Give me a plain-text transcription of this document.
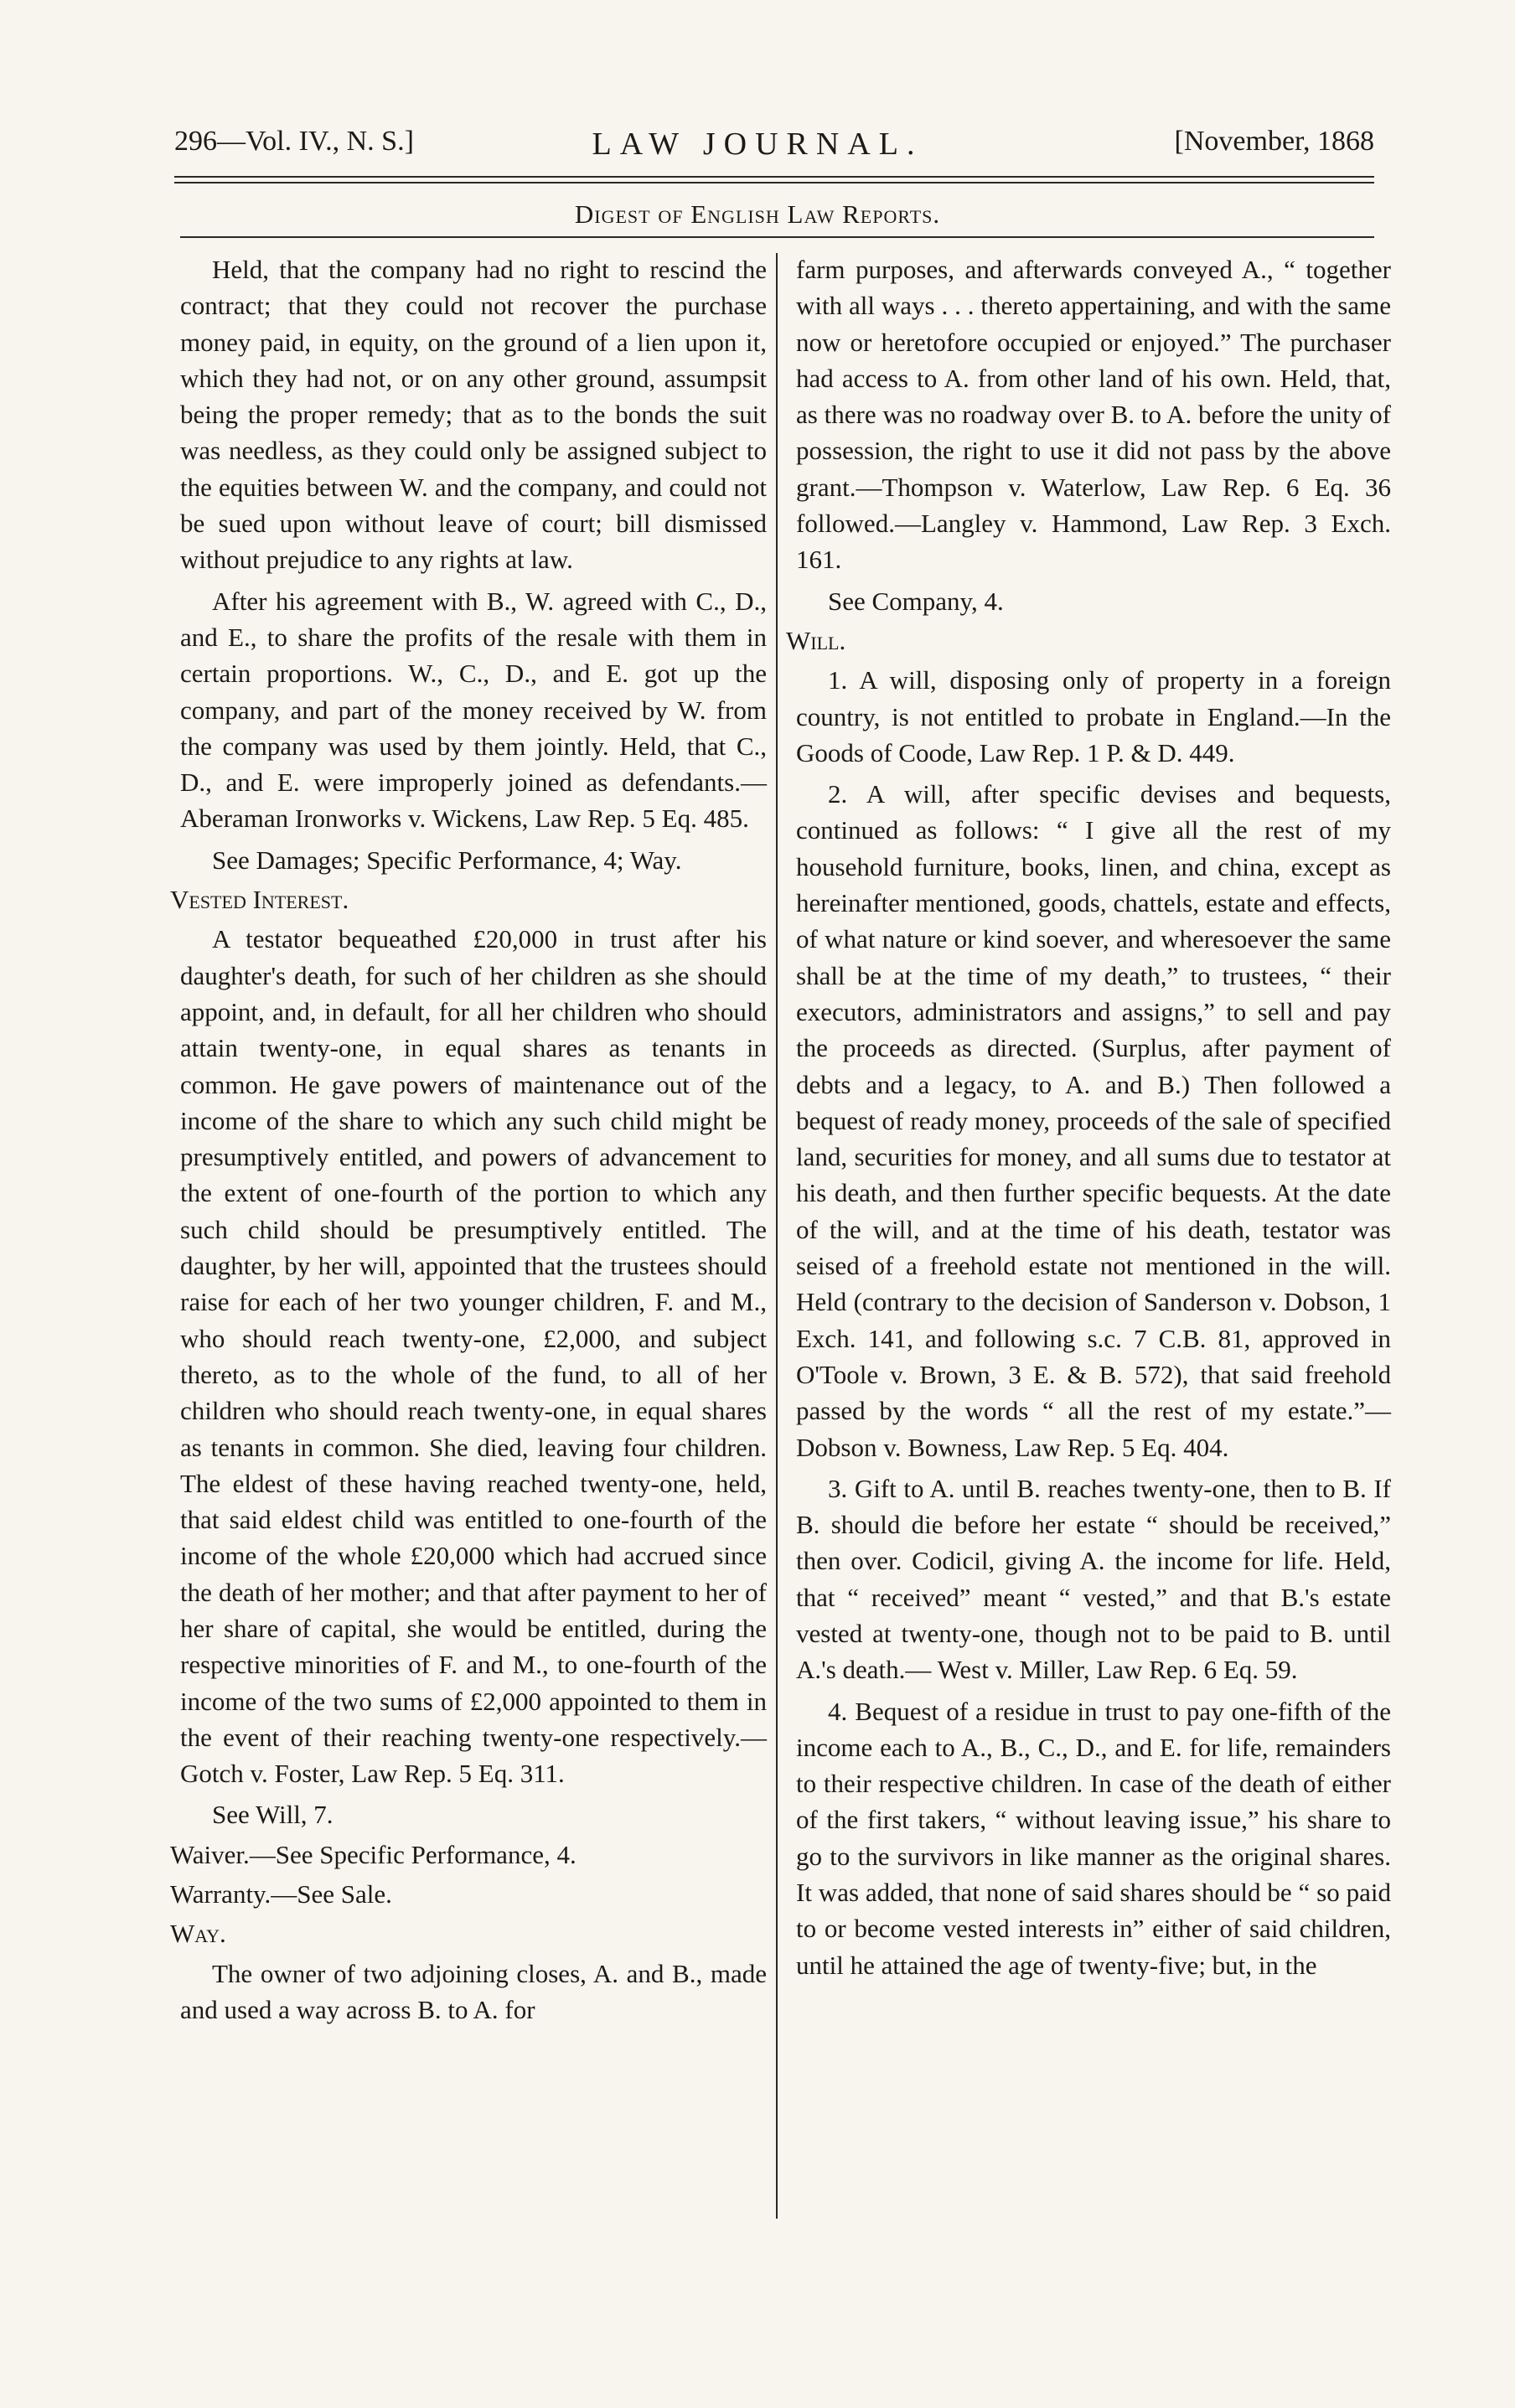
296—Vol. IV., N. S.]	LAW JOURNAL.	[November, 1868
Digest of English Law Reports.

Held, that the company had no right to rescind the contract; that they could not recover the purchase money paid, in equity, on the ground of a lien upon it, which they had not, or on any other ground, assumpsit being the proper remedy; that as to the bonds the suit was needless, as they could only be assigned subject to the equities between W. and the company, and could not be sued upon without leave of court; bill dismissed without prejudice to any rights at law.

After his agreement with B., W. agreed with C., D., and E., to share the profits of the resale with them in certain proportions. W., C., D., and E. got up the company, and part of the money received by W. from the company was used by them jointly. Held, that C., D., and E. were improperly joined as defendants.—Aberaman Ironworks v. Wickens, Law Rep. 5 Eq. 485.

See Damages; Specific Performance, 4; Way.

Vested Interest.

A testator bequeathed £20,000 in trust after his daughter's death, for such of her children as she should appoint, and, in default, for all her children who should attain twenty-one, in equal shares as tenants in common. He gave powers of maintenance out of the income of the share to which any such child might be presumptively entitled, and powers of advancement to the extent of one-fourth of the portion to which any such child should be presumptively entitled. The daughter, by her will, appointed that the trustees should raise for each of her two younger children, F. and M., who should reach twenty-one, £2,000, and subject thereto, as to the whole of the fund, to all of her children who should reach twenty-one, in equal shares as tenants in common. She died, leaving four children. The eldest of these having reached twenty-one, held, that said eldest child was entitled to one-fourth of the income of the whole £20,000 which had accrued since the death of her mother; and that after payment to her of her share of capital, she would be entitled, during the respective minorities of F. and M., to one-fourth of the income of the two sums of £2,000 appointed to them in the event of their reaching twenty-one respectively.—Gotch v. Foster, Law Rep. 5 Eq. 311.

See Will, 7.

Waiver.—See Specific Performance, 4.

Warranty.—See Sale.

Way.

The owner of two adjoining closes, A. and B., made and used a way across B. to A. for

farm purposes, and afterwards conveyed A., “ together with all ways . . . thereto appertaining, and with the same now or heretofore occupied or enjoyed.” The purchaser had access to A. from other land of his own. Held, that, as there was no roadway over B. to A. before the unity of possession, the right to use it did not pass by the above grant.—Thompson v. Waterlow, Law Rep. 6 Eq. 36 followed.—Langley v. Hammond, Law Rep. 3 Exch. 161.

See Company, 4.

Will.

1. A will, disposing only of property in a foreign country, is not entitled to probate in England.—In the Goods of Coode, Law Rep. 1 P. & D. 449.

2. A will, after specific devises and bequests, continued as follows: “ I give all the rest of my household furniture, books, linen, and china, except as hereinafter mentioned, goods, chattels, estate and effects, of what nature or kind soever, and wheresoever the same shall be at the time of my death,” to trustees, “ their executors, administrators and assigns,” to sell and pay the proceeds as directed. (Surplus, after payment of debts and a legacy, to A. and B.) Then followed a bequest of ready money, proceeds of the sale of specified land, securities for money, and all sums due to testator at his death, and then further specific bequests. At the date of the will, and at the time of his death, testator was seised of a freehold estate not mentioned in the will. Held (contrary to the decision of Sanderson v. Dobson, 1 Exch. 141, and following s.c. 7 C.B. 81, approved in O'Toole v. Brown, 3 E. & B. 572), that said freehold passed by the words “ all the rest of my estate.”—Dobson v. Bowness, Law Rep. 5 Eq. 404.

3. Gift to A. until B. reaches twenty-one, then to B. If B. should die before her estate “ should be received,” then over. Codicil, giving A. the income for life. Held, that “ received” meant “ vested,” and that B.'s estate vested at twenty-one, though not to be paid to B. until A.'s death.— West v. Miller, Law Rep. 6 Eq. 59.

4. Bequest of a residue in trust to pay one-fifth of the income each to A., B., C., D., and E. for life, remainders to their respective children. In case of the death of either of the first takers, “ without leaving issue,” his share to go to the survivors in like manner as the original shares. It was added, that none of said shares should be “ so paid to or become vested interests in” either of said children, until he attained the age of twenty-five; but, in the
